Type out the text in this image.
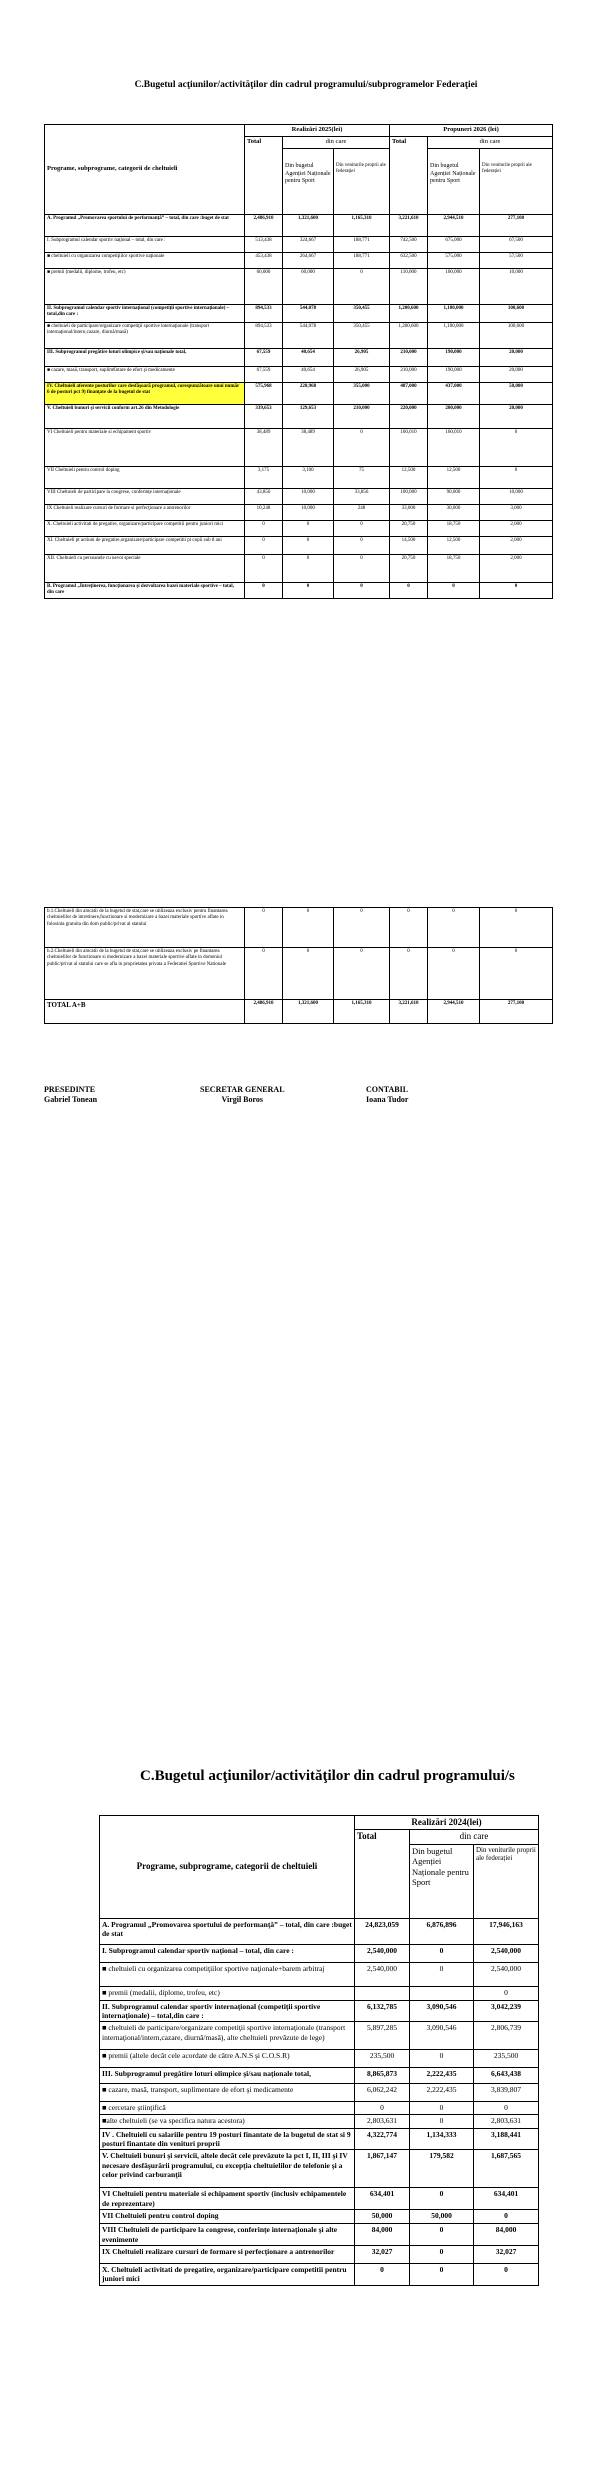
C.Bugetul acţiunilor/activităţilor din cadrul programului/subprogramelor Federaţiei
Programe, subprograme, categorii de cheltuieli	Realizări 2025(lei)			Propuneri 2026 (lei)		
	Total	din care		Total	din care	
		Din bugetul Agenției Naționale pentru Sport	Din veniturile proprii ale federației		Din bugetul Agenției Naționale pentru Sport	Din veniturile proprii ale federației
A. Programul „Promovarea sportului de performanţă” – total, din care :buget de stat	2,486,910	1,321,600	1,165,310	3,221,610	2,944,510	277,100
I. Subprogramul calendar sportiv naţional – total, din care :	513,438	324,667	188,771	742,500	675,000	67,500
■ cheltuieli cu organizarea competiţiilor sportive naţionale	453,438	264,667	188,771	632,500	575,000	57,500
■ premii (medalii, diplome, trofeu, etc)	60,000	60,000	0	110,000	100,000	10,000
II. Subprogramul calendar sportiv internaţional (competiţii sportive internaţionale) – total,din care :	894,533	544,078	350,455	1,200,600	1,100,000	100,600
■ cheltuieli de participare/organizare competiţii sportive internaţionale (transport internaţional/intern,cazare, diurnă/masă)	894,533	544,078	350,455	1,200,600	1,100,000	100,600
III. Subprogramul pregătire loturi olimpice şi/sau naţionale total,	67,559	40,654	26,905	210,000	190,000	20,000
■ cazare, masă, transport, suplim€ntare de efort şi medicamente	67,559	40,654	26,905	210,000	190,000	20,000
IV. Cheltuieli aferente posturilor care desfăşoară programul, corespunzătoare unui număr 6 de posturi pct 9) finanţate de la bugetul de stat	575,968	220,968	355,000	487,000	437,000	50,000
V. Cheltuieli bunuri şi servicii conform art.26 din Metodologie	339,653	129,653	210,000	220,000	200,000	20,000
VI Cheltuieli pentru materiale si echipament sportiv	38,489	38,489	0	160,010	160,010	0
VII Cheltuieli pentru control doping	3,175	3,100	75	12,500	12,500	0
VIII Cheltuieli de participare la congrese, conferinţe internaţionale	43,856	10,000	33,856	100,000	90,000	10,000
IX Cheltuieli realizare cursuri de formare si perfecţionare a antrenorilor	10,248	10,000	248	33,000	30,000	3,000
X. Cheltuieli activitati de pregatire, organizare/participare competitii pentru juniori mici	0	0	0	20,750	18,750	2,000
XI. Cheltuieli pt actiuni de pregatire,organizare/participare competitii pt copii sub 8 ani	0	0	0	14,500	12,500	2,000
XII. Cheltuieli cu persoanele cu nevoi speciale	0	0	0	20,750	18,750	2,000
B. Programul „Întreţinerea, funcţionarea şi dezvoltarea bazei materiale sportive – total, din care	0	0	0	0	0	0
b.1.Cheltuieli din alocatii de la bugetul de stat,care se utilizeaza exclusiv pentru finantarea cheltuielilor de intretinere,functionare si modernizare a bazei materiale sportive aflate in folosinta gratuita din dom public/privat al statului	0	0	0	0	0	0
b.2.Cheltuieli din alocatii de la bugetul de stat,care se utilizeaza exclusiv pe finantarea cheltuielilor de functionare si modernizare a bazei materiale sportive aflate in domeniul public/privat al statului care se afla in proprietatea privata a Federatiei Sportive Nationale	0	0	0	0	0	0
TOTAL A+B	2,486,910	1,321,600	1,165,310	3,221,610	2,944,510	277,100
PRESEDINTE
Gabriel Tonean
SECRETAR GENERAL
Virgil Boros
CONTABIL
Ioana Tudor
C.Bugetul acţiunilor/activităţilor din cadrul programului/s
Programe, subprograme, categorii de cheltuieli	Realizări 2024(lei)		
	Total	din care	
		Din bugetul Agenției Naționale pentru Sport	Din veniturile proprii ale federației
A. Programul „Promovarea sportului de performanţă” – total, din care :buget de stat	24,823,059	6,876,896	17,946,163
I. Subprogramul calendar sportiv naţional – total, din care :	2,540,000	0	2,540,000
■ cheltuieli cu organizarea competiţiilor sportive naţionale+barem arbitraj	2,540,000	0	2,540,000
■ premii (medalii, diplome, trofeu, etc)			0
II. Subprogramul calendar sportiv internaţional (competiţii sportive internaţionale) – total,din care :	6,132,785	3,090,546	3,042,239
■ cheltuieli de participare/organizare competiţii sportive internaţionale (transport internaţional/intern,cazare, diurnă/masă), alte cheltuieli prevăzute de lege)	5,897,285	3,090,546	2,806,739
■ premii (altele decât cele acordate de către A.N.S şi C.O.S.R)	235,500	0	235,500
III. Subprogramul pregătire loturi olimpice şi/sau naţionale total,	8,865,873	2,222,435	6,643,438
■ cazare, masă, transport, suplimentare de efort şi medicamente	6,062,242	2,222,435	3,839,807
■ cercetare ştiinţifică	0	0	0
■alte cheltuieli (se va specifica natura acestora)	2,803,631	0	2,803,631
IV . Cheltuieli cu salariile pentru 19 posturi finantate de la bugetul de stat si 9 posturi finantate din venituri proprii	4,322,774	1,134,333	3,188,441
V. Cheltuieli bunuri şi servicii, altele decât cele prevăzute la pct I, II, III şi IV necesare desfăşurării programului, cu excepţia cheltuielilor de telefonie şi a celor privind carburanţii	1,867,147	179,582	1,687,565
VI Cheltuieli pentru materiale si echipament sportiv (inclusiv echipamentele de reprezentare)	634,401	0	634,401
VII Cheltuieli pentru control doping	50,000	50,000	0
VIII Cheltuieli de participare la congrese, conferinţe internaţionale şi alte evenimente	84,000	0	84,000
IX Cheltuieli realizare cursuri de formare si perfecţionare a antrenorilor	32,027	0	32,027
X. Cheltuieli activitati de pregatire, organizare/participare competitii pentru juniori mici	0	0	0
